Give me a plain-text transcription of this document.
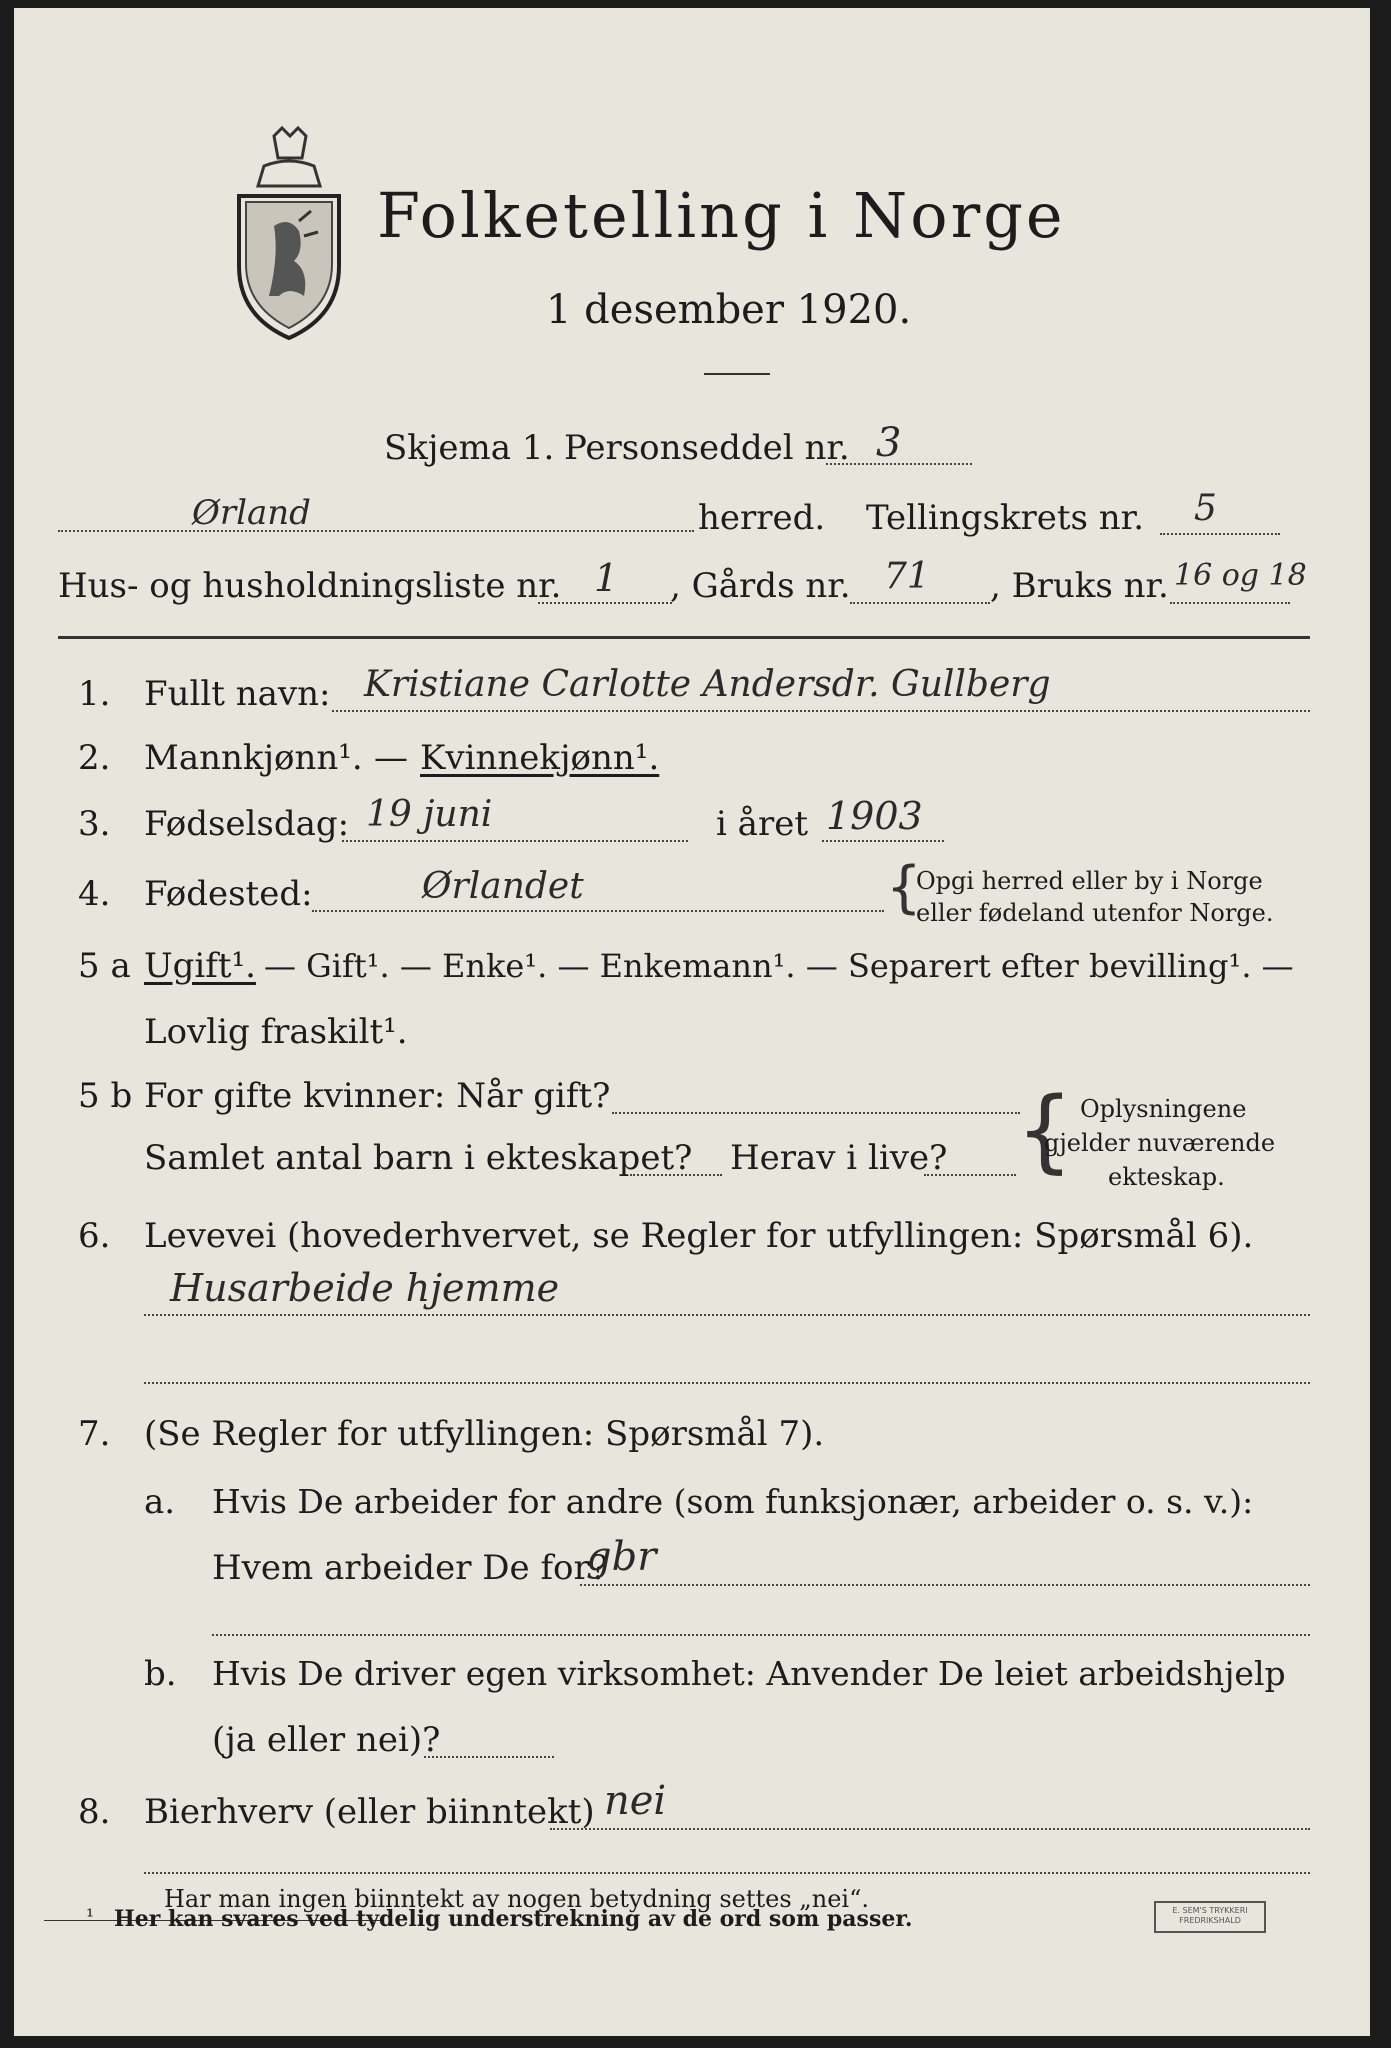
Folketelling i Norge
1 desember 1920.
Skjema 1. Personseddel nr. 3
Ørland	herred. Tellingskrets nr. 5
Hus- og husholdningsliste nr. 1 , Gårds nr. 71 , Bruks nr. 16 og 18
1. Fullt navn: Kristiane Carlotte Andersdr. Gullberg
2. Mannkjønn¹. — Kvinnekjønn¹.
3. Fødselsdag: 19 juni	i året 1903
4. Fødested:	Ørlandet	{
Opgi herred eller by i Norge
eller fødeland utenfor Norge.
5 a Ugift¹. — Gift¹. — Enke¹. — Enkemann¹. — Separert efter bevilling¹. —
Lovlig fraskilt¹.
5 b For gifte kvinner: Når gift?
Samlet antal barn i ekteskapet? Herav i live? { Oplysningene
gjelder nuværende
ekteskap.
6. Levevei (hovederhvervet, se Regler for utfyllingen: Spørsmål 6).
Husarbeide hjemme
7. (Se Regler for utfyllingen: Spørsmål 7).
a. Hvis De arbeider for andre (som funksjonær, arbeider o. s. v.):
Hvem arbeider De for?
gbr
b. Hvis De driver egen virksomhet: Anvender De leiet arbeidshjelp
(ja eller nei)?
8. Bierhverv (eller biinntekt) nei
Har man ingen biinntekt av nogen betydning settes „nei“.
¹ Her kan svares ved tydelig understrekning av de ord som passer.	E. SEM'S TRYKKERI
FREDRIKSHALD
